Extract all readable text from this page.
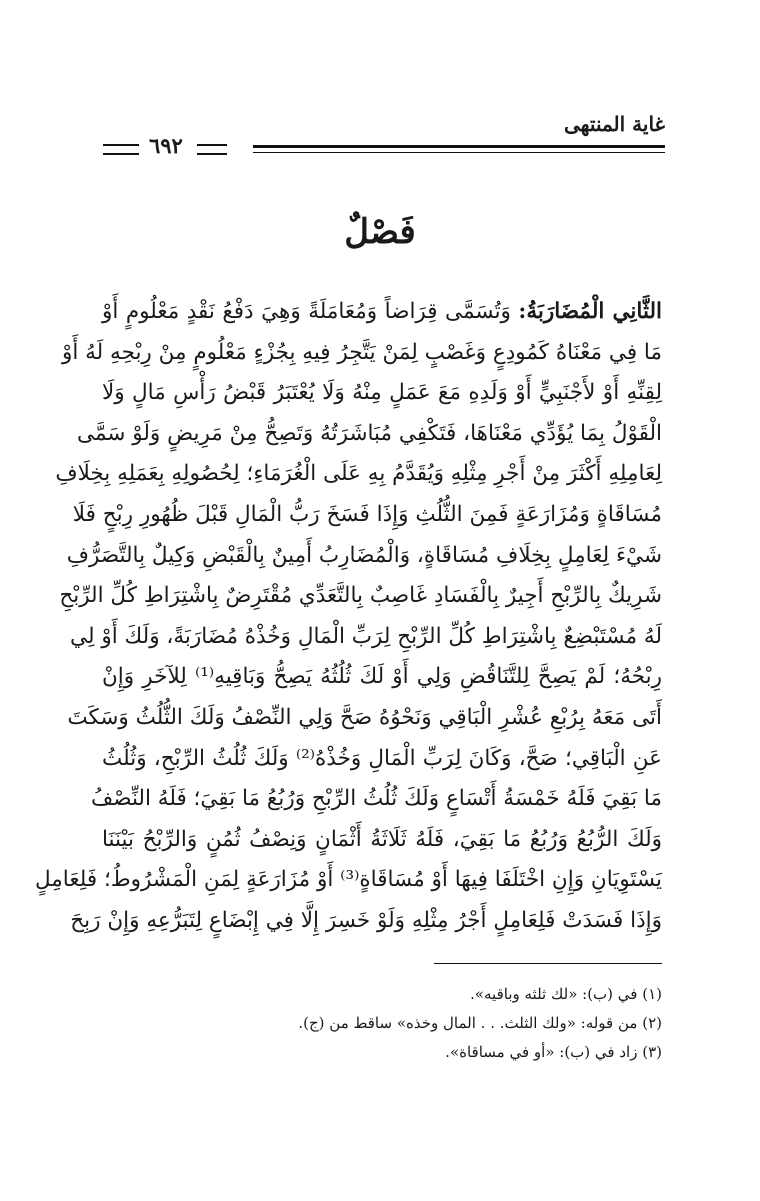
غاية المنتهى
٦٩٢
فَصْلٌ
الثَّانِي الْمُضَارَبَةُ: وَتُسَمَّى قِرَاضاً وَمُعَامَلَةً وَهِيَ دَفْعُ نَقْدٍ مَعْلُومٍ أَوْ
مَا فِي مَعْنَاهُ كَمُودِعٍ وَغَصْبٍ لِمَنْ يَتَّجِرُ فِيهِ بِجُزْءٍ مَعْلُومٍ مِنْ رِبْحِهِ لَهُ أَوْ
لِقِنِّهِ أَوْ لأَجْنَبِيٍّ أَوْ وَلَدِهِ مَعَ عَمَلٍ مِنْهُ وَلَا يُعْتَبَرُ قَبْضُ رَأْسِ مَالٍ وَلَا
الْقَوْلُ بِمَا يُؤَدِّي مَعْنَاهَا، فَتَكْفِي مُبَاشَرَتُهُ وَتَصِحُّ مِنْ مَرِيضٍ وَلَوْ سَمَّى
لِعَامِلِهِ أَكْثَرَ مِنْ أَجْرِ مِثْلِهِ وَيُقَدَّمُ بِهِ عَلَى الْغُرَمَاءِ؛ لِحُصُولِهِ بِعَمَلِهِ بِخِلَافِ
مُسَاقَاةٍ وَمُزَارَعَةٍ فَمِنَ الثُّلُثِ وَإِذَا فَسَخَ رَبُّ الْمَالِ قَبْلَ ظُهُورِ رِبْحٍ فَلَا
شَيْءَ لِعَامِلٍ بِخِلَافِ مُسَاقَاةٍ، وَالْمُضَارِبُ أَمِينٌ بِالْقَبْضِ وَكِيلٌ بِالتَّصَرُّفِ
شَرِيكٌ بِالرِّبْحِ أَجِيرٌ بِالْفَسَادِ غَاصِبٌ بِالتَّعَدِّي مُقْتَرِضٌ بِاشْتِرَاطِ كُلِّ الرِّبْحِ
لَهُ مُسْتَبْضِعٌ بِاشْتِرَاطِ كُلِّ الرِّبْحِ لِرَبِّ الْمَالِ وَخُذْهُ مُضَارَبَةً، وَلَكَ أَوْ لِي
رِبْحُهُ؛ لَمْ يَصِحَّ لِلتَّنَاقُضِ وَلِي أَوْ لَكَ ثُلُثُهُ يَصِحُّ وَبَاقِيهِ⁽¹⁾ لِلآخَرِ وَإِنْ
أَتَى مَعَهُ بِرُبْعِ عُشْرِ الْبَاقِي وَنَحْوُهُ صَحَّ وَلِي النِّصْفُ وَلَكَ الثُّلُثُ وَسَكَتَ
عَنِ الْبَاقِي؛ صَحَّ، وَكَانَ لِرَبِّ الْمَالِ وَخُذْهُ⁽²⁾ وَلَكَ ثُلُثُ الرِّبْحِ، وَثُلُثُ
مَا بَقِيَ فَلَهُ خَمْسَةُ أَتْسَاعٍ وَلَكَ ثُلُثُ الرِّبْحِ وَرُبُعُ مَا بَقِيَ؛ فَلَهُ النِّصْفُ
وَلَكَ الرُّبُعُ وَرُبُعُ مَا بَقِيَ، فَلَهُ ثَلَاثَةُ أَثْمَانٍ وَنِصْفُ ثُمُنٍ وَالرِّبْحُ بَيْنَنَا
يَسْتَوِيَانِ وَإِنِ اخْتَلَفَا فِيهَا أَوْ مُسَاقَاةٍ⁽³⁾ أَوْ مُزَارَعَةٍ لِمَنِ الْمَشْرُوطُ؛ فَلِعَامِلٍ
وَإِذَا فَسَدَتْ فَلِعَامِلٍ أَجْرُ مِثْلِهِ وَلَوْ خَسِرَ إِلَّا فِي إِبْضَاعٍ لِتَبَرُّعِهِ وَإِنْ رَبِحَ
(١) في (ب): «لك ثلثه وباقيه».
(٢) من قوله: «ولك الثلث. . . المال وخذه» ساقط من (ج).
(٣) زاد في (ب): «أو في مساقاة».
